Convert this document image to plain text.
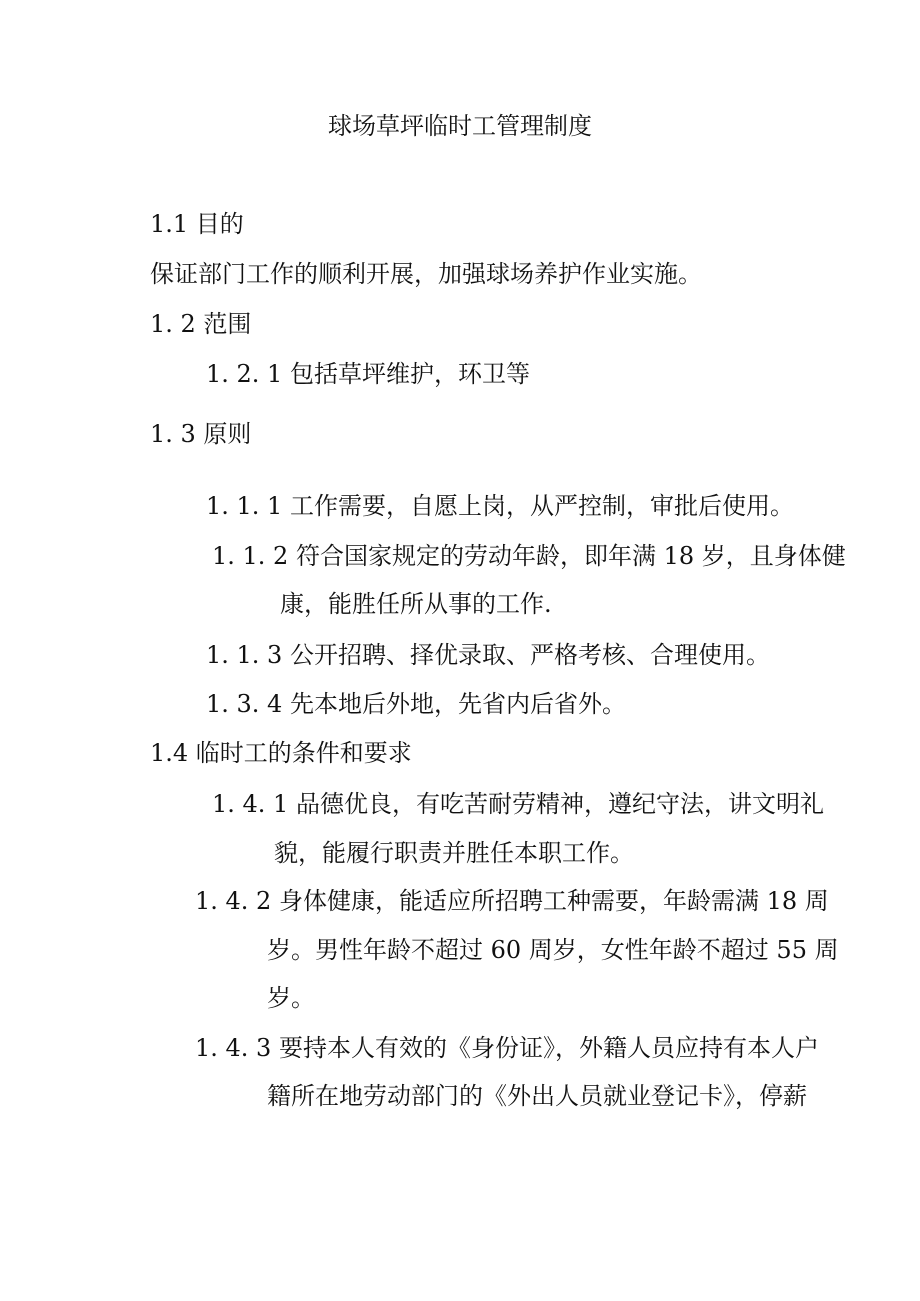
球场草坪临时工管理制度
1.1 目的
保证部门工作的顺利开展，加强球场养护作业实施。
1. 2 范围
1. 2. 1 包括草坪维护，环卫等
1. 3 原则
1. 1. 1 工作需要，自愿上岗，从严控制，审批后使用。
1. 1. 2 符合国家规定的劳动年龄，即年满 18 岁，且身体健
康，能胜任所从事的工作.
1. 1. 3 公开招聘、择优录取、严格考核、合理使用。
1. 3. 4 先本地后外地，先省内后省外。
1.4 临时工的条件和要求
1. 4. 1 品德优良，有吃苦耐劳精神，遵纪守法，讲文明礼
貌，能履行职责并胜任本职工作。
1. 4. 2 身体健康，能适应所招聘工种需要，年龄需满 18 周
岁。男性年龄不超过 60 周岁，女性年龄不超过 55 周
岁。
1. 4. 3 要持本人有效的《身份证》，外籍人员应持有本人户
籍所在地劳动部门的《外出人员就业登记卡》，停薪
